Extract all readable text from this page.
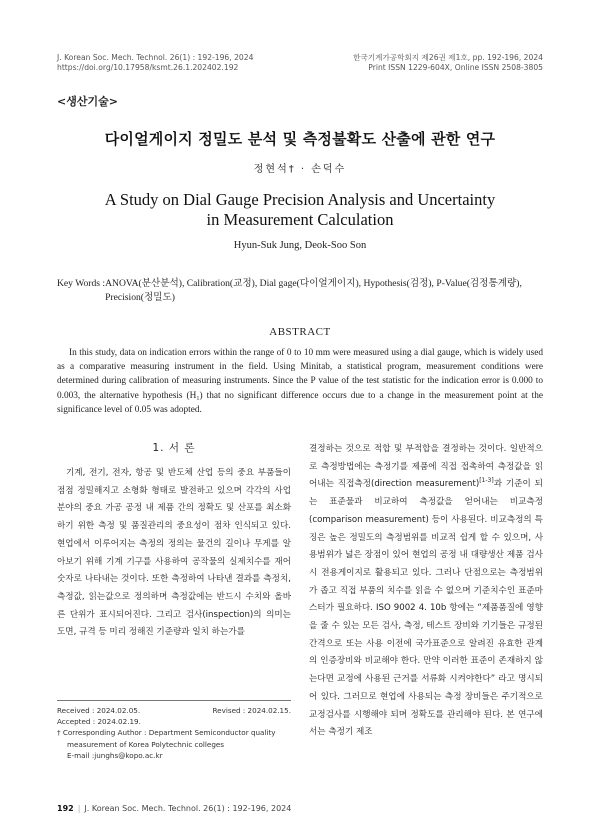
J. Korean Soc. Mech. Technol. 26(1) : 192-196, 2024
https://doi.org/10.17958/ksmt.26.1.202402.192
한국기계가공학회지 제26권 제1호, pp. 192-196, 2024
Print ISSN 1229-604X, Online ISSN 2508-3805
<생산기술>
다이얼게이지 정밀도 분석 및 측정불확도 산출에 관한 연구
정현석† · 손덕수
A Study on Dial Gauge Precision Analysis and Uncertainty
in Measurement Calculation
Hyun-Suk Jung, Deok-Soo Son
Key Words : ANOVA(분산분석), Calibration(교정), Dial gage(다이얼게이지), Hypothesis(검정), P-Value(검정통계량), Precision(정밀도)
ABSTRACT
In this study, data on indication errors within the range of 0 to 10 mm were measured using a dial gauge, which is widely used as a comparative measuring instrument in the field. Using Minitab, a statistical program, measurement conditions were determined during calibration of measuring instruments. Since the P value of the test statistic for the indication error is 0.000 to 0.003, the alternative hypothesis (H₁) that no significant difference occurs due to a change in the measurement point at the significance level of 0.05 was adopted.
1. 서 론

기계, 전기, 전자, 항공 및 반도체 산업 등의 중요 부품들이 점점 정밀해지고 소형화 형태로 발전하고 있으며 각각의 사업 분야의 중요 가공 공정 내 제품 간의 정확도 및 산포를 최소화하기 위한 측정 및 품질관리의 중요성이 점차 인식되고 있다. 현업에서 이루어지는 측정의 정의는 물건의 길이나 무게를 알아보기 위해 기계 기구를 사용하여 공작물의 실제치수를 재어 숫자로 나타내는 것이다. 또한 측정하여 나타낸 결과를 측정치, 측정값, 읽는값으로 정의하며 측정값에는 반드시 수치와 올바른 단위가 표시되어진다. 그리고 검사(inspection)의 의미는 도면, 규격 등 미리 정해진 기준량과 일치 하는가를

결정하는 것으로 적합 및 부적합을 결정하는 것이다. 일반적으로 측정방법에는 측정기를 제품에 직접 접촉하여 측정값을 읽어내는 직접측정(direction measurement)[1-3]과 기준이 되는 표준물과 비교하여 측정값을 얻어내는 비교측정(comparison measurement) 등이 사용된다. 비교측정의 특징은 높은 정밀도의 측정범위를 비교적 쉽게 할 수 있으며, 사용범위가 넓은 장점이 있어 현업의 공정 내 대량생산 제품 검사 시 전용게이지로 활용되고 있다. 그러나 단점으로는 측정범위가 좁고 직접 부품의 치수를 읽을 수 없으며 기준치수인 표준마스터가 필요하다. ISO 9002 4. 10b 항에는 “제품품질에 영향을 줄 수 있는 모든 검사, 측정, 테스트 장비와 기기들은 규정된 간격으로 또는 사용 이전에 국가표준으로 알려진 유효한 관계의 인증장비와 비교해야 한다. 만약 이러한 표준이 존재하지 않는다면 교정에 사용된 근거를 서류화 시켜야한다” 라고 명시되어 있다. 그러므로 현업에 사용되는 측정 장비들은 주기적으로 교정검사를 시행해야 되며 정확도를 관리해야 된다. 본 연구에서는 측정기 제조

Received : 2024.02.05.	Revised : 2024.02.15.
Accepted : 2024.02.19.
† Corresponding Author : Department Semiconductor quality
measurement of Korea Polytechnic colleges
E-mail :junghs@kopo.ac.kr
192 | J. Korean Soc. Mech. Technol. 26(1) : 192-196, 2024
